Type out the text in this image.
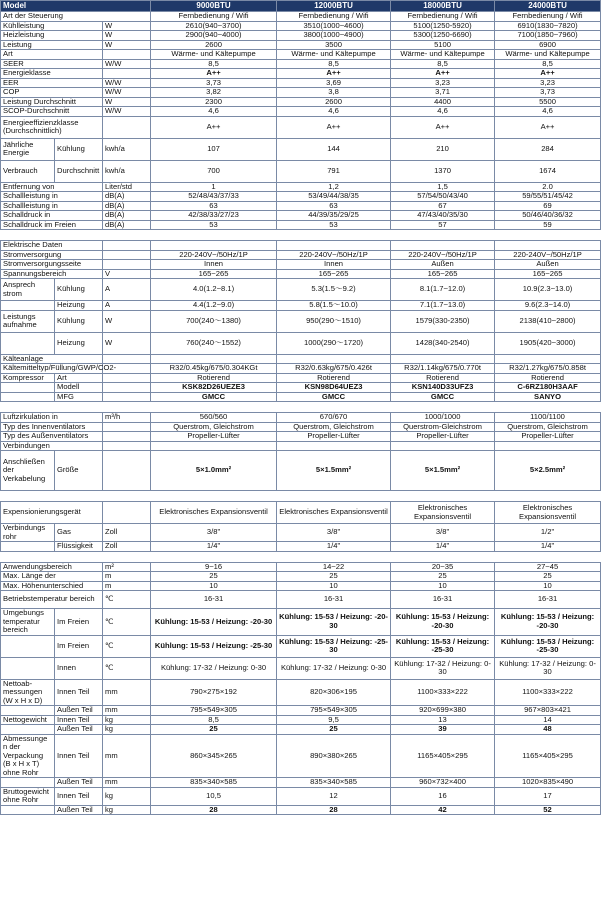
Model			9000BTU	12000BTU	18000BTU	24000BTU
Art der Steuerung			Fernbedienung / Wifi	Fernbedienung / Wifi	Fernbedienung / Wifi	Fernbedienung / Wifi
Kühlleistung		W	2610(940~3700)	3510(1000~4600)	5100(1250-5920)	6910(1830~7820)
Heizleistung		W	2900(940~4000)	3800(1000~4900)	5300(1250-6690)	7100(1850~7960)
Leistung		W	2600	3500	5100	6900
Art			Wärme- und Kältepumpe	Wärme- und Kältepumpe	Wärme- und Kältepumpe	Wärme- und Kältepumpe
SEER		W/W	8,5	8,5	8,5	8,5
Energieklasse			A++	A++	A++	A++
EER		W/W	3,73	3,69	3,23	3,23
COP		W/W	3,82	3,8	3,71	3,73
Leistung Durchschnitt		W	2300	2600	4400	5500
SCOP-Durchschnitt		W/W	4,6	4,6	4,6	4,6
Energieeffizienzklasse (Durchschnittlich)			A++	A++	A++	A++
Jährliche Energie	Kühlung	kwh/a	107	144	210	284
Verbrauch	Durchschnitt	kwh/a	700	791	1370	1674
Entfernung von		Liter/std	1	1,2	1,5	2.0
Schallleistung in		dB(A)	52/48/43/37/33	53/49/44/38/35	57/54/50/43/40	59/55/51/45/42
Schallleistung in		dB(A)	63	63	67	69
Schalldruck in		dB(A)	42/38/33/27/23	44/39/35/29/25	47/43/40/35/30	50/46/40/36/32
Schalldruck im Freien		dB(A)	53	53	57	59

Elektrische Daten						
Stromversorgung			220-240V~/50Hz/1P	220-240V~/50Hz/1P	220-240V~/50Hz/1P	220-240V~/50Hz/1P
Stromversorgungsseite			Innen	Innen	Außen	Außen
Spannungsbereich		V	165~265	165~265	165~265	165~265
Ansprech strom	Kühlung	A	4.0(1.2~8.1)	5.3(1.5～9.2)	8.1(1.7~12.0)	10.9(2.3~13.0)
	Heizung	A	4.4(1.2~9.0)	5.8(1.5～10.0)	7.1(1.7~13.0)	9.6(2.3~14.0)
Leistungs aufnahme	Kühlung	W	700(240～1380)	950(290～1510)	1579(330-2350)	2138(410~2800)
	Heizung	W	760(240～1552)	1000(290～1720)	1428(340-2540)	1905(420~3000)
Kälteanlage						
Kältemitteltyp/Füllung/GWP/CO2-			R32/0.45kg/675/0.304KGt	R32/0.63kg/675/0.426t	R32/1.14kg/675/0.770t	R32/1.27kg/675/0.858t
Kompressor	Art		Rotierend	Rotierend	Rotierend	Rotierend
	Modell		KSK82D26UEZE3	KSN98D64UEZ3	KSN140D33UFZ3	C-6RZ180H3AAF
	MFG		GMCC	GMCC	GMCC	SANYO

Luftzirkulation in		m³/h	560/560	670/670	1000/1000	1100/1100
Typ des Innenventilators			Querstrom, Gleichstrom	Querstrom, Gleichstrom	Querstrom-Gleichstrom	Querstrom, Gleichstrom
Typ des Außenventilators			Propeller-Lüfter	Propeller-Lüfter	Propeller-Lüfter	Propeller-Lüfter
Verbindungen						
Anschließen der Verkabelung	Größe		5×1.0mm²	5×1.5mm²	5×1.5mm²	5×2.5mm²

Expensionierungsgerät			Elektronisches Expansionsventil	Elektronisches Expansionsventil	Elektronisches Expansionsventil	Elektronisches Expansionsventil
Verbindungs rohr	Gas	Zoll	3/8"	3/8"	3/8"	1/2"
	Flüssigkeit	Zoll	1/4"	1/4"	1/4"	1/4"

Anwendungsbereich		m²	9~16	14~22	20~35	27~45
Max. Länge der		m	25	25	25	25
Max. Höhenunterschied		m	10	10	10	10
Betriebstemperatur bereich		℃	16-31	16-31	16-31	16-31
Umgebungs temperatur bereich	Im Freien	℃	Kühlung: 15-53 / Heizung: -20-30	Kühlung: 15-53 / Heizung: -20-30	Kühlung: 15-53 / Heizung: -20-30	Kühlung: 15-53 / Heizung: -20-30
	Im Freien	℃	Kühlung: 15-53 / Heizung: -25-30	Kühlung: 15-53 / Heizung: -25-30	Kühlung: 15-53 / Heizung: -25-30	Kühlung: 15-53 / Heizung: -25-30
	Innen	℃	Kühlung: 17-32 / Heizung: 0-30	Kühlung: 17-32 / Heizung: 0-30	Kühlung: 17-32 / Heizung: 0-30	Kühlung: 17-32 / Heizung: 0-30
Nettoab- messungen (W x H x D)	Innen Teil	mm	790×275×192	820×306×195	1100×333×222	1100×333×222
	Außen Teil	mm	795×549×305	795×549×305	920×699×380	967×803×421
Nettogewicht	Innen Teil	kg	8,5	9,5	13	14
	Außen Teil	kg	25	25	39	48
Abmessunge n der Verpackung (B x H x T) ohne Rohr	Innen Teil	mm	860×345×265	890×380×265	1165×405×295	1165×405×295
	Außen Teil	mm	835×340×585	835×340×585	960×732×400	1020×835×490
Bruttogewicht ohne Rohr	Innen Teil	kg	10,5	12	16	17
	Außen Teil	kg	28	28	42	52
